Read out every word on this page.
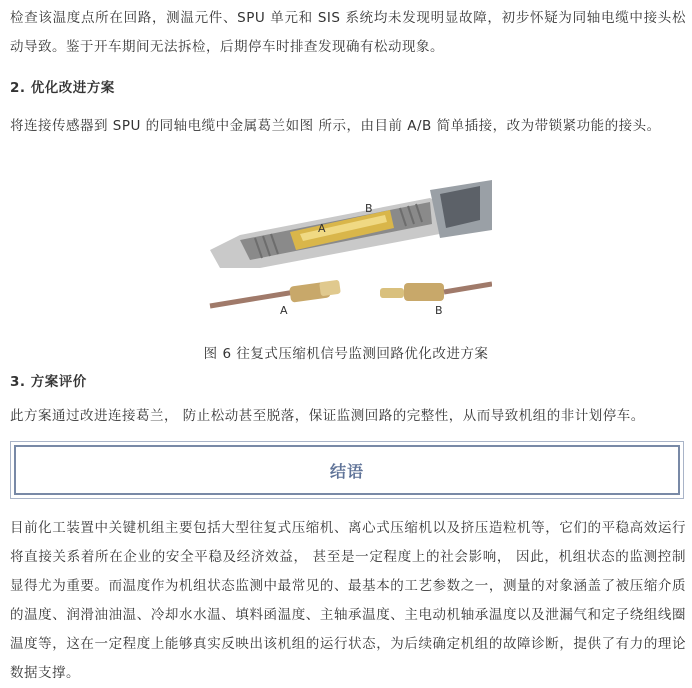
检查该温度点所在回路，测温元件、SPU 单元和 SIS 系统均未发现明显故障，初步怀疑为同轴电缆中接头松动导致。鉴于开车期间无法拆检，后期停车时排查发现确有松动现象。

2. 优化改进方案

将连接传感器到 SPU 的同轴电缆中金属葛兰如图 所示，由目前 A/B 简单插接，改为带锁紧功能的接头。

A
B
A	B

图 6 往复式压缩机信号监测回路优化改进方案

3. 方案评价

此方案通过改进连接葛兰， 防止松动甚至脱落，保证监测回路的完整性，从而导致机组的非计划停车。

结语

目前化工装置中关键机组主要包括大型往复式压缩机、离心式压缩机以及挤压造粒机等，它们的平稳高效运行将直接关系着所在企业的安全平稳及经济效益， 甚至是一定程度上的社会影响， 因此，机组状态的监测控制显得尤为重要。而温度作为机组状态监测中最常见的、最基本的工艺参数之一，测量的对象涵盖了被压缩介质的温度、润滑油油温、冷却水水温、填料函温度、主轴承温度、主电动机轴承温度以及泄漏气和定子绕组线圈温度等，这在一定程度上能够真实反映出该机组的运行状态，为后续确定机组的故障诊断，提供了有力的理论数据支撑。
